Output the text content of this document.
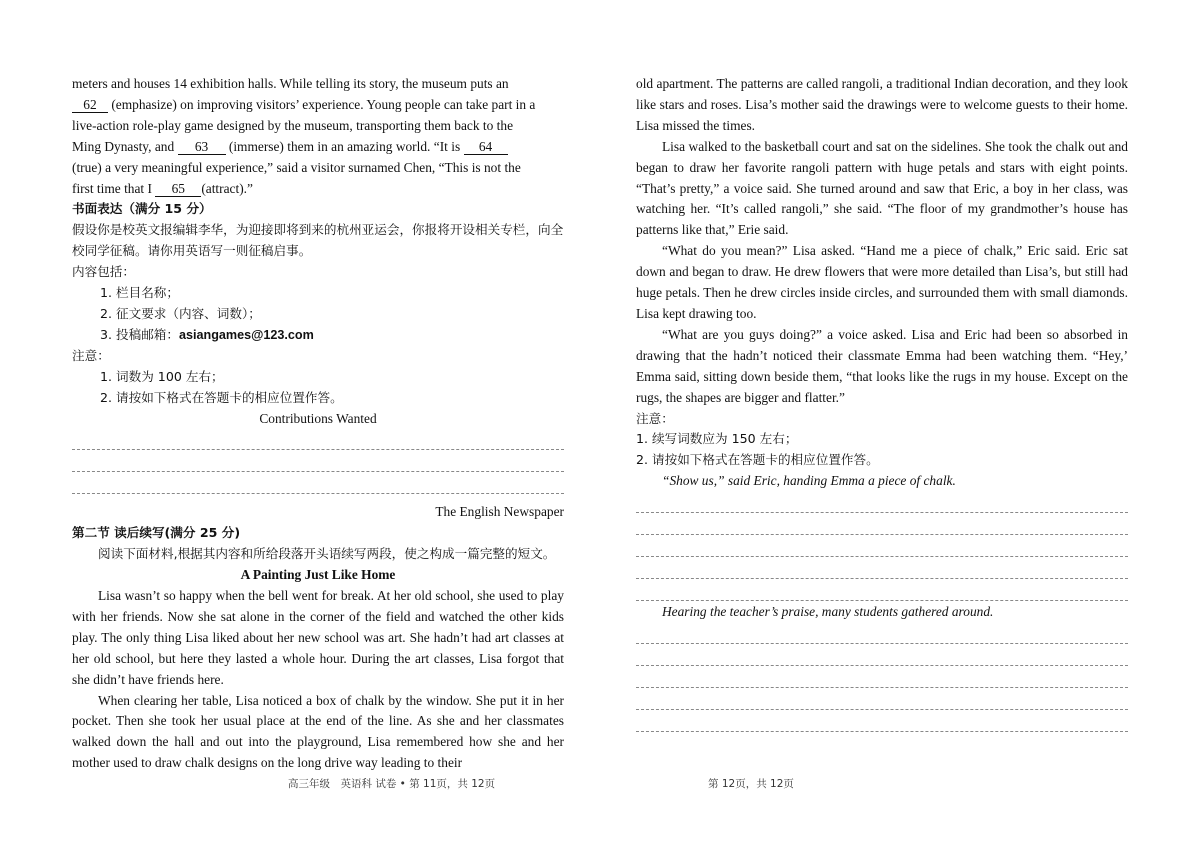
meters and houses 14 exhibition halls. While telling its story, the museum puts an
62 (emphasize) on improving visitors’ experience. Young people can take part in a
live-action role-play game designed by the museum, transporting them back to the
Ming Dynasty, and 63 (immerse) them in an amazing world. “It is 64
(true) a very meaningful experience,” said a visitor surnamed Chen, “This is not the
first time that I 65 (attract).”

书面表达（满分 15 分）

假设你是校英文报编辑李华，为迎接即将到来的杭州亚运会，你报将开设相关专栏，向全校同学征稿。请你用英语写一则征稿启事。

内容包括：

1. 栏目名称；

2. 征文要求（内容、词数）；

3. 投稿邮箱：asiangames@123.com

注意：

1. 词数为 100 左右；

2. 请按如下格式在答题卡的相应位置作答。

Contributions Wanted

The English Newspaper

第二节 读后续写(满分 25 分)

阅读下面材料,根据其内容和所给段落开头语续写两段，使之构成一篇完整的短文。

A Painting Just Like Home

Lisa wasn’t so happy when the bell went for break. At her old school, she used to play with her friends. Now she sat alone in the corner of the field and watched the other kids play. The only thing Lisa liked about her new school was art. She hadn’t had art classes at her old school, but here they lasted a whole hour. During the art classes, Lisa forgot that she didn’t have friends here.

When clearing her table, Lisa noticed a box of chalk by the window. She put it in her pocket. Then she took her usual place at the end of the line. As she and her classmates walked down the hall and out into the playground, Lisa remembered how she and her mother used to draw chalk designs on the long drive way leading to their

old apartment. The patterns are called rangoli, a traditional Indian decoration, and they look like stars and roses. Lisa’s mother said the drawings were to welcome guests to their home. Lisa missed the times.

Lisa walked to the basketball court and sat on the sidelines. She took the chalk out and began to draw her favorite rangoli pattern with huge petals and stars with eight points. “That’s pretty,” a voice said. She turned around and saw that Eric, a boy in her class, was watching her. “It’s called rangoli,” she said. “The floor of my grandmother’s house has patterns like that,” Erie said.

“What do you mean?” Lisa asked. “Hand me a piece of chalk,” Eric said. Eric sat down and began to draw. He drew flowers that were more detailed than Lisa’s, but still had huge petals. Then he drew circles inside circles, and surrounded them with small diamonds. Lisa kept drawing too.

“What are you guys doing?” a voice asked. Lisa and Eric had been so absorbed in drawing that the hadn’t noticed their classmate Emma had been watching them. “Hey,’ Emma said, sitting down beside them, “that looks like the rugs in my house. Except on the rugs, the shapes are bigger and flatter.”

注意：

1. 续写词数应为 150 左右；

2. 请按如下格式在答题卡的相应位置作答。

“Show us,” said Eric, handing Emma a piece of chalk.

Hearing the teacher’s praise, many students gathered around.

高三年级　英语科 试卷 • 第 11页，共 12页	第 12页，共 12页
